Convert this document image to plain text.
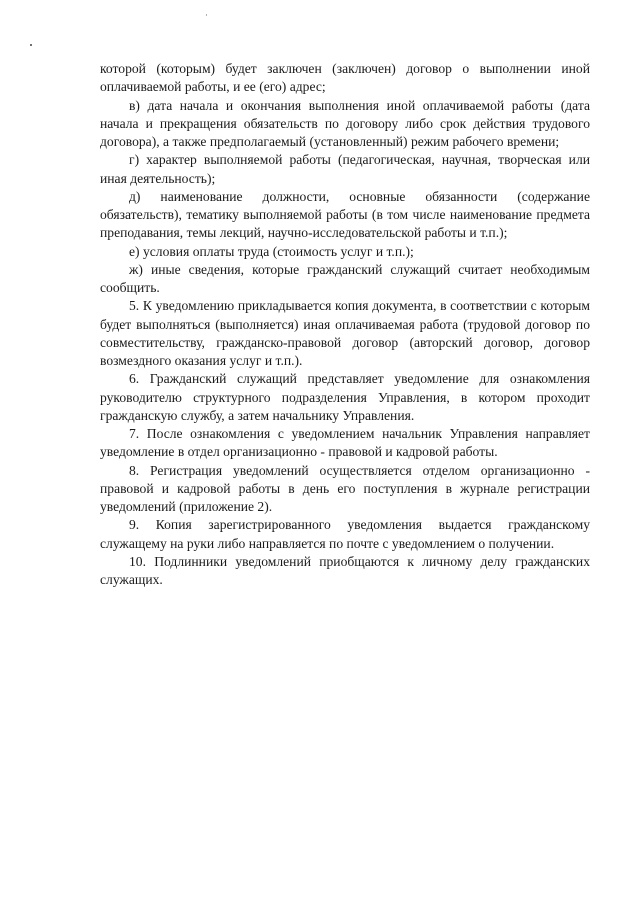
которой (которым) будет заключен (заключен) договор о выполнении иной оплачиваемой работы, и ее (его) адрес;

в) дата начала и окончания выполнения иной оплачиваемой работы (дата начала и прекращения обязательств по договору либо срок действия трудового договора), а также предполагаемый (установленный) режим рабочего времени;

г) характер выполняемой работы (педагогическая, научная, творческая или иная деятельность);

д) наименование должности, основные обязанности (содержание обязательств), тематику выполняемой работы (в том числе наименование предмета преподавания, темы лекций, научно-исследовательской работы и т.п.);

е) условия оплаты труда (стоимость услуг и т.п.);

ж) иные сведения, которые гражданский служащий считает необходимым сообщить.

5. К уведомлению прикладывается копия документа, в соответствии с которым будет выполняться (выполняется) иная оплачиваемая работа (трудовой договор по совместительству, гражданско-правовой договор (авторский договор, договор возмездного оказания услуг и т.п.).

6. Гражданский служащий представляет уведомление для ознакомления руководителю структурного подразделения Управления, в котором проходит гражданскую службу, а затем начальнику Управления.

7. После ознакомления с уведомлением начальник Управления направляет уведомление в отдел организационно - правовой и кадровой работы.

8. Регистрация уведомлений осуществляется отделом организационно - правовой и кадровой работы в день его поступления в журнале регистрации уведомлений (приложение 2).

9. Копия зарегистрированного уведомления выдается гражданскому служащему на руки либо направляется по почте с уведомлением о получении.

10. Подлинники уведомлений приобщаются к личному делу гражданских служащих.
